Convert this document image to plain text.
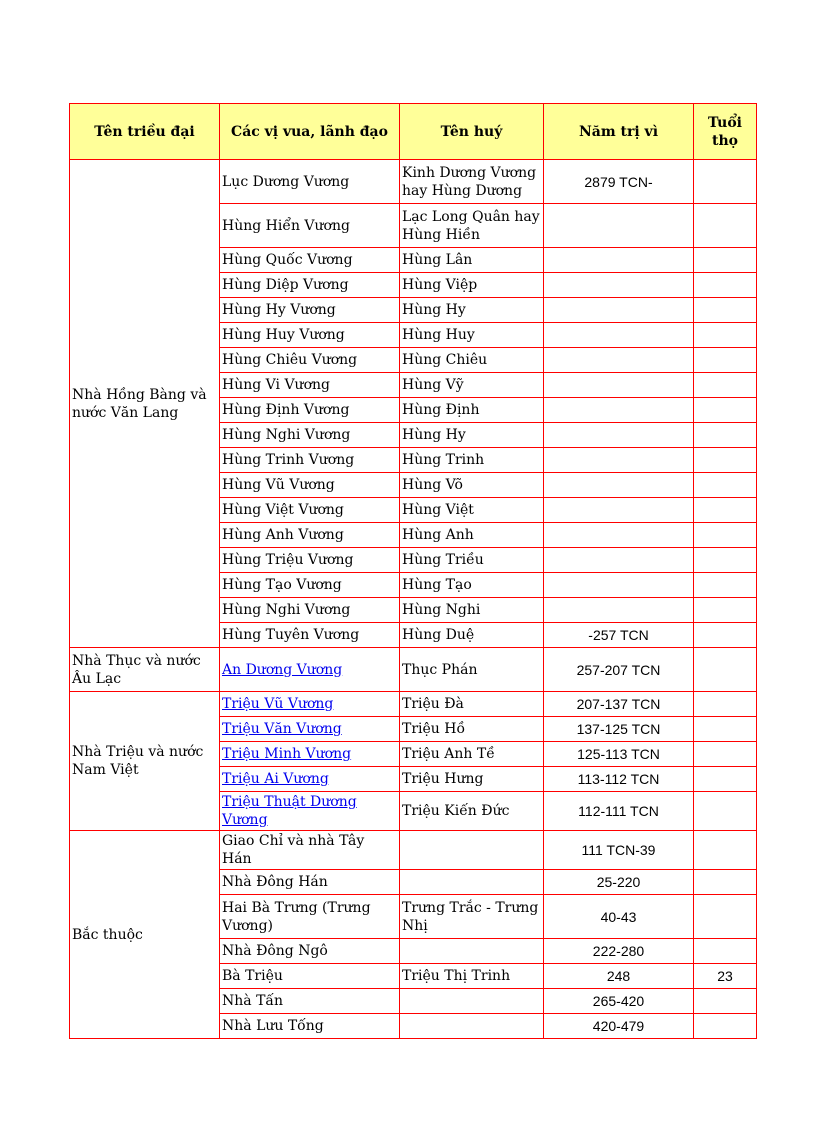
Tên triều đại	Các vị vua, lãnh đạo	Tên huý	Năm trị vì	Tuổi thọ
Nhà Hồng Bàng và nước Văn Lang	Lục Dương Vương	Kinh Dương Vương hay Hùng Dương	2879 TCN-	
	Hùng Hiển Vương	Lạc Long Quân hay Hùng Hiền		
	Hùng Quốc Vương	Hùng Lân		
	Hùng Diệp Vương	Hùng Việp		
	Hùng Hy Vương	Hùng Hy		
	Hùng Huy Vương	Hùng Huy		
	Hùng Chiêu Vương	Hùng Chiêu		
	Hùng Vi Vương	Hùng Vỹ		
	Hùng Định Vương	Hùng Định		
	Hùng Nghi Vương	Hùng Hy		
	Hùng Trinh Vương	Hùng Trinh		
	Hùng Vũ Vương	Hùng Võ		
	Hùng Việt Vương	Hùng Việt		
	Hùng Anh Vương	Hùng Anh		
	Hùng Triệu Vương	Hùng Triều		
	Hùng Tạo Vương	Hùng Tạo		
	Hùng Nghi Vương	Hùng Nghi		
	Hùng Tuyên Vương	Hùng Duệ	-257 TCN	
Nhà Thục và nước Âu Lạc	An Dương Vương	Thục Phán	257-207 TCN	
Nhà Triệu và nước Nam Việt	Triệu Vũ Vương	Triệu Đà	207-137 TCN	
	Triệu Văn Vương	Triệu Hồ	137-125 TCN	
	Triệu Minh Vương	Triệu Anh Tề	125-113 TCN	
	Triệu Ai Vương	Triệu Hưng	113-112 TCN	
	Triệu Thuật Dương Vương	Triệu Kiến Đức	112-111 TCN	
Bắc thuộc	Giao Chỉ và nhà Tây Hán		111 TCN-39	
	Nhà Đông Hán		25-220	
	Hai Bà Trưng (Trưng Vương)	Trưng Trắc - Trưng Nhị	40-43	
	Nhà Đông Ngô		222-280	
	Bà Triệu	Triệu Thị Trinh	248	23
	Nhà Tấn		265-420	
	Nhà Lưu Tống		420-479	
